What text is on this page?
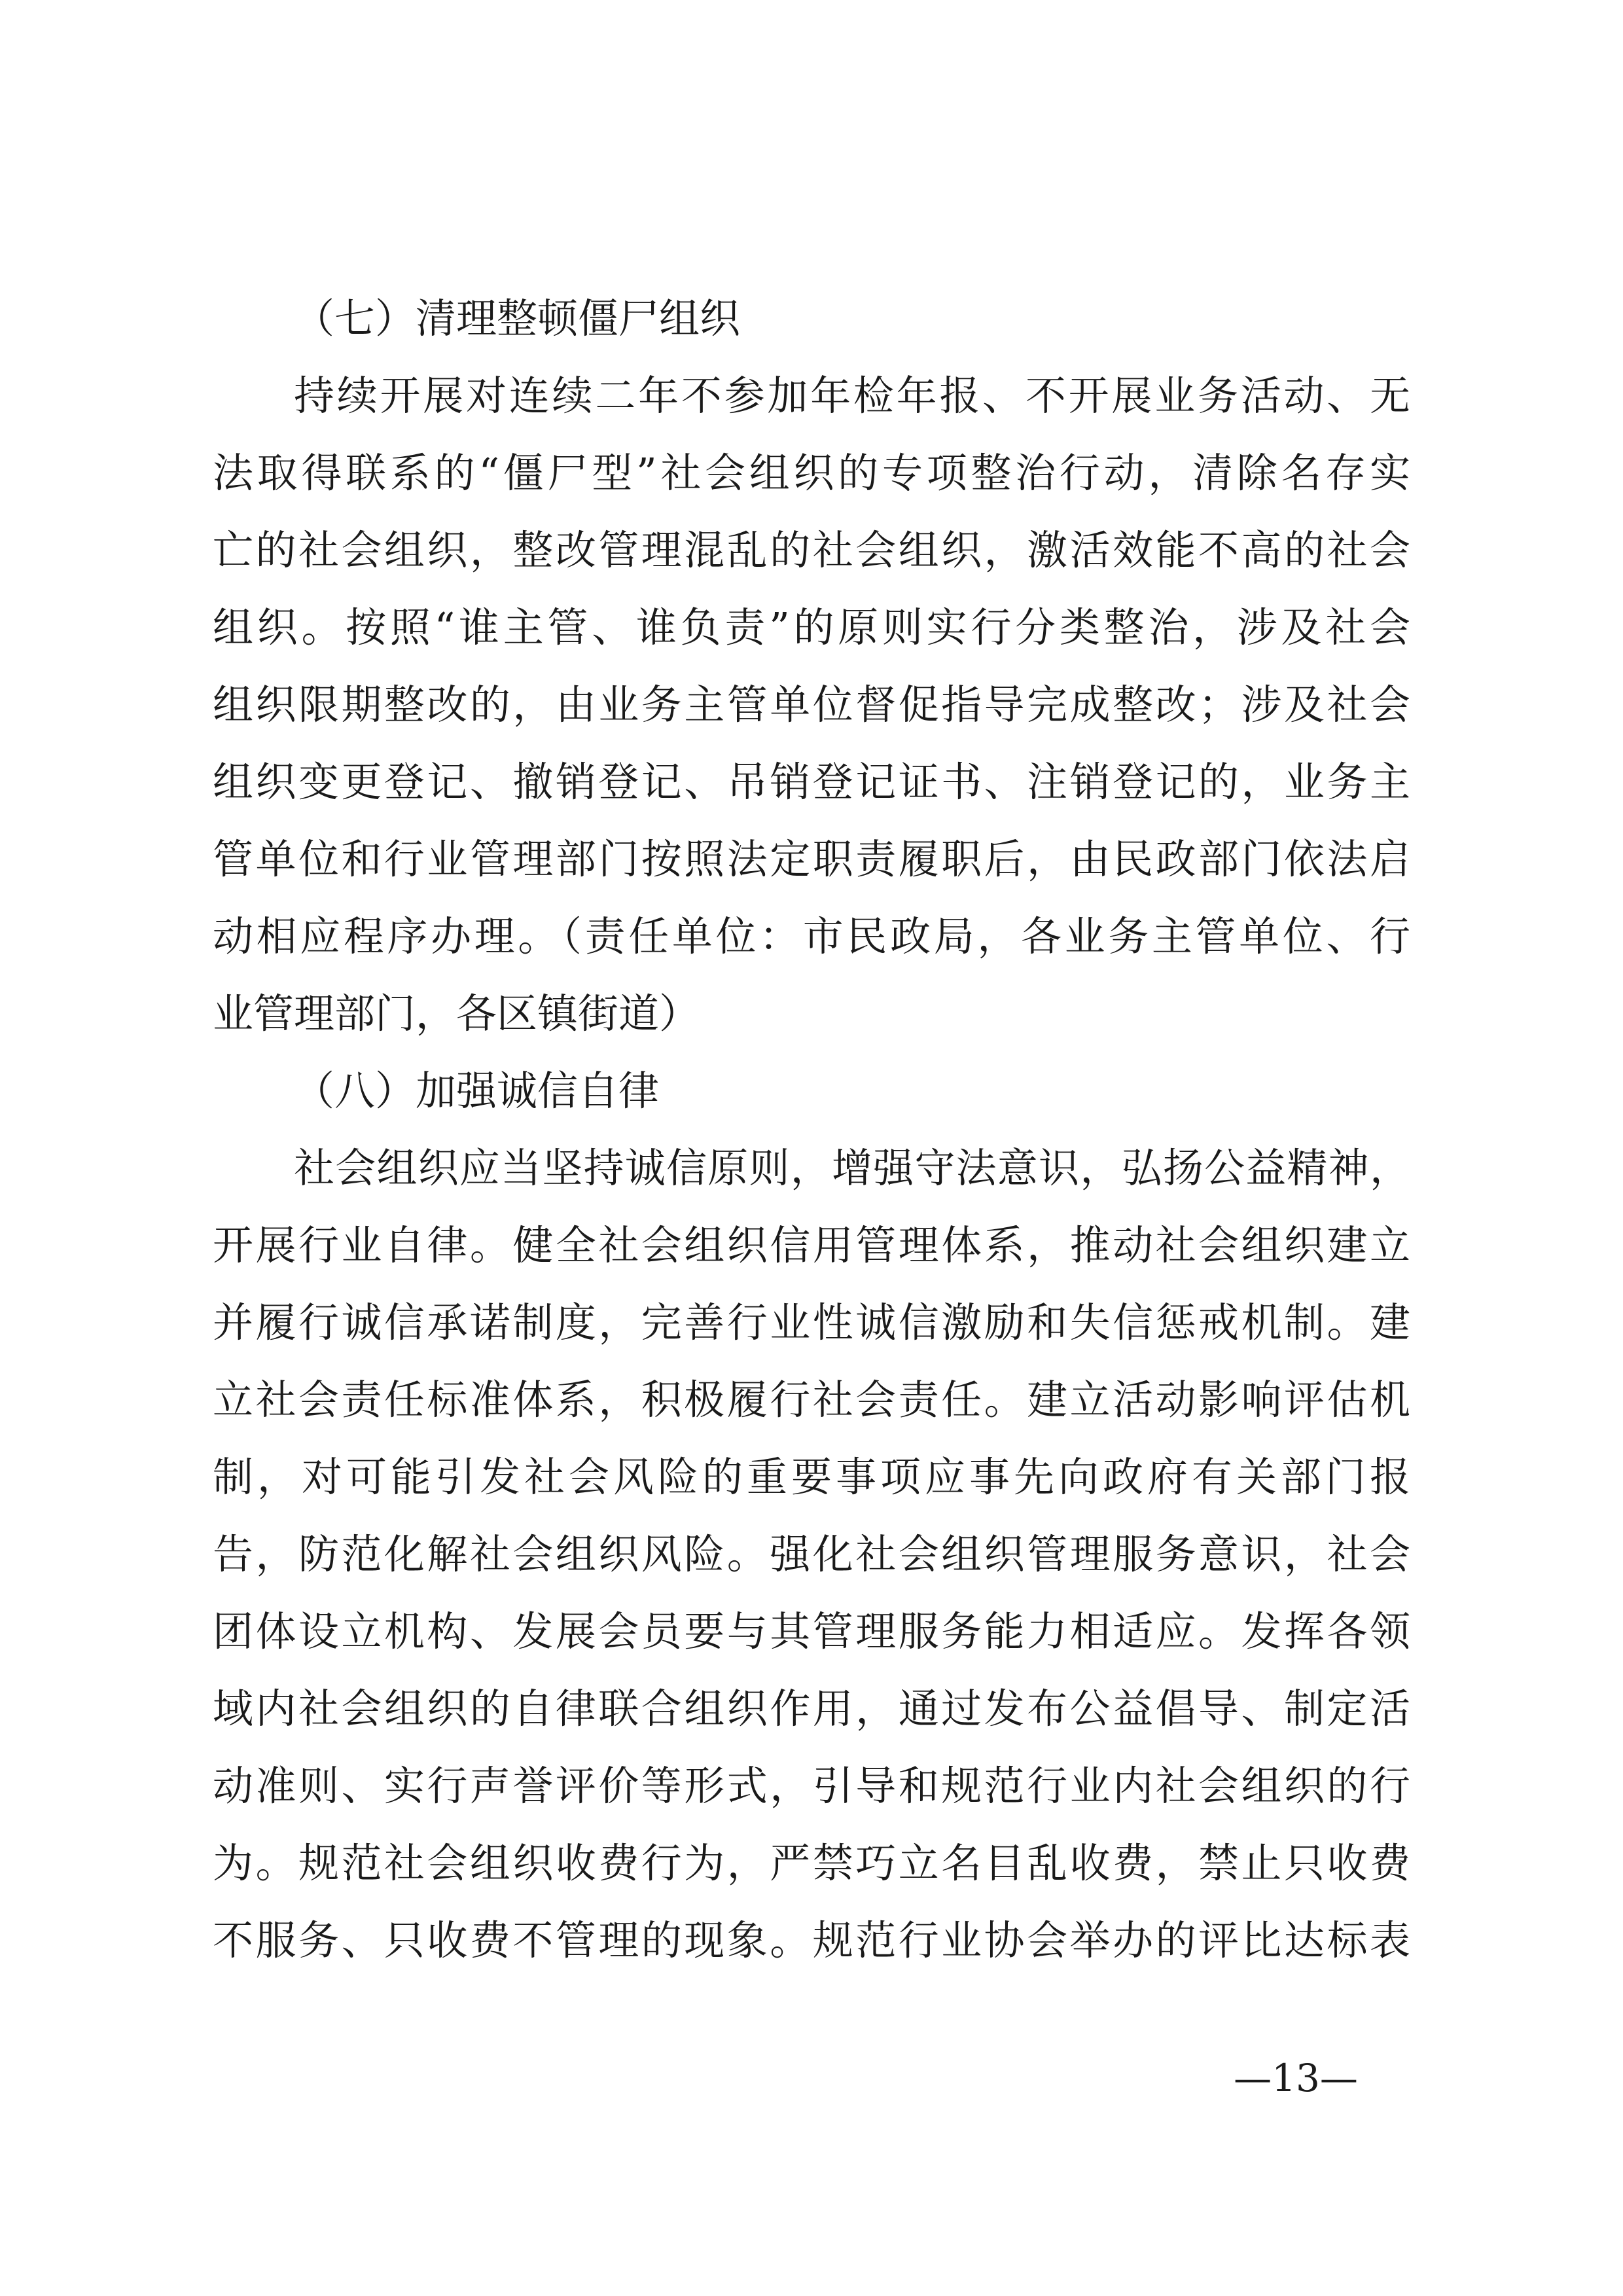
（七）清理整顿僵尸组织
持续开展对连续二年不参加年检年报、不开展业务活动、无
法取得联系的“僵尸型”社会组织的专项整治行动，清除名存实
亡的社会组织，整改管理混乱的社会组织，激活效能不高的社会
组织。按照“谁主管、谁负责”的原则实行分类整治，涉及社会
组织限期整改的，由业务主管单位督促指导完成整改；涉及社会
组织变更登记、撤销登记、吊销登记证书、注销登记的，业务主
管单位和行业管理部门按照法定职责履职后，由民政部门依法启
动相应程序办理。（责任单位：市民政局，各业务主管单位、行
业管理部门，各区镇街道）
（八）加强诚信自律
社会组织应当坚持诚信原则，增强守法意识，弘扬公益精神，
开展行业自律。健全社会组织信用管理体系，推动社会组织建立
并履行诚信承诺制度，完善行业性诚信激励和失信惩戒机制。建
立社会责任标准体系，积极履行社会责任。建立活动影响评估机
制，对可能引发社会风险的重要事项应事先向政府有关部门报
告，防范化解社会组织风险。强化社会组织管理服务意识，社会
团体设立机构、发展会员要与其管理服务能力相适应。发挥各领
域内社会组织的自律联合组织作用，通过发布公益倡导、制定活
动准则、实行声誉评价等形式，引导和规范行业内社会组织的行
为。规范社会组织收费行为，严禁巧立名目乱收费，禁止只收费
不服务、只收费不管理的现象。规范行业协会举办的评比达标表
—13—
